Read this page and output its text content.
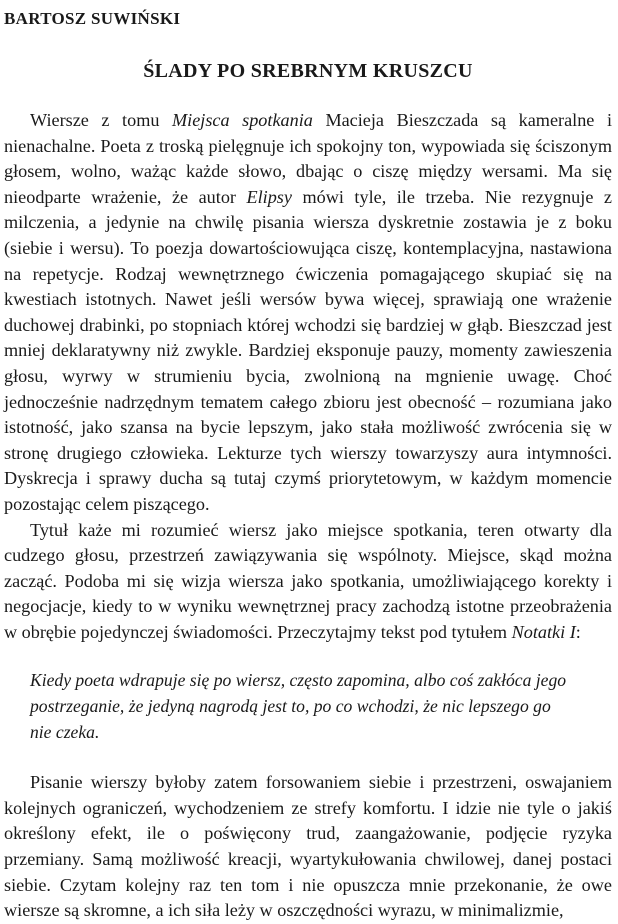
BARTOSZ SUWIŃSKI
ŚLADY PO SREBRNYM KRUSZCU

Wiersze z tomu Miejsca spotkania Macieja Bieszczada są kameralne i nienachalne. Poeta z troską pielęgnuje ich spokojny ton, wypowiada się ściszonym głosem, wolno, ważąc każde słowo, dbając o ciszę między wersami. Ma się nieodparte wrażenie, że autor Elipsy mówi tyle, ile trzeba. Nie rezygnuje z milczenia, a jedynie na chwilę pisania wiersza dyskretnie zostawia je z boku (siebie i wersu). To poezja dowartościowująca ciszę, kontemplacyjna, nastawiona na repetycje. Rodzaj wewnętrznego ćwiczenia pomagającego skupiać się na kwestiach istotnych. Nawet jeśli wersów bywa więcej, sprawiają one wrażenie duchowej drabinki, po stopniach której wchodzi się bardziej w głąb. Bieszczad jest mniej deklaratywny niż zwykle. Bardziej eksponuje pauzy, momenty zawieszenia głosu, wyrwy w strumieniu bycia, zwolnioną na mgnienie uwagę. Choć jednocześnie nadrzędnym tematem całego zbioru jest obecność – rozumiana jako istotność, jako szansa na bycie lepszym, jako stała możliwość zwrócenia się w stronę drugiego człowieka. Lekturze tych wierszy towarzyszy aura intymności. Dyskrecja i sprawy ducha są tutaj czymś priorytetowym, w każdym momencie pozostając celem piszącego.

Tytuł każe mi rozumieć wiersz jako miejsce spotkania, teren otwarty dla cudzego głosu, przestrzeń zawiązywania się wspólnoty. Miejsce, skąd można zacząć. Podoba mi się wizja wiersza jako spotkania, umożliwiającego korekty i negocjacje, kiedy to w wyniku wewnętrznej pracy zachodzą istotne przeobrażenia w obrębie pojedynczej świadomości. Przeczytajmy tekst pod tytułem Notatki I:

Kiedy poeta wdrapuje się po wiersz, często zapomina, albo coś zakłóca jego postrzeganie, że jedyną nagrodą jest to, po co wchodzi, że nic lepszego go nie czeka.

Pisanie wierszy byłoby zatem forsowaniem siebie i przestrzeni, oswajaniem kolejnych ograniczeń, wychodzeniem ze strefy komfortu. I idzie nie tyle o jakiś określony efekt, ile o poświęcony trud, zaangażowanie, podjęcie ryzyka przemiany. Samą możliwość kreacji, wyartykułowania chwilowej, danej postaci siebie. Czytam kolejny raz ten tom i nie opuszcza mnie przekonanie, że owe wiersze są skromne, a ich siła leży w oszczędności wyrazu, w minimalizmie,
